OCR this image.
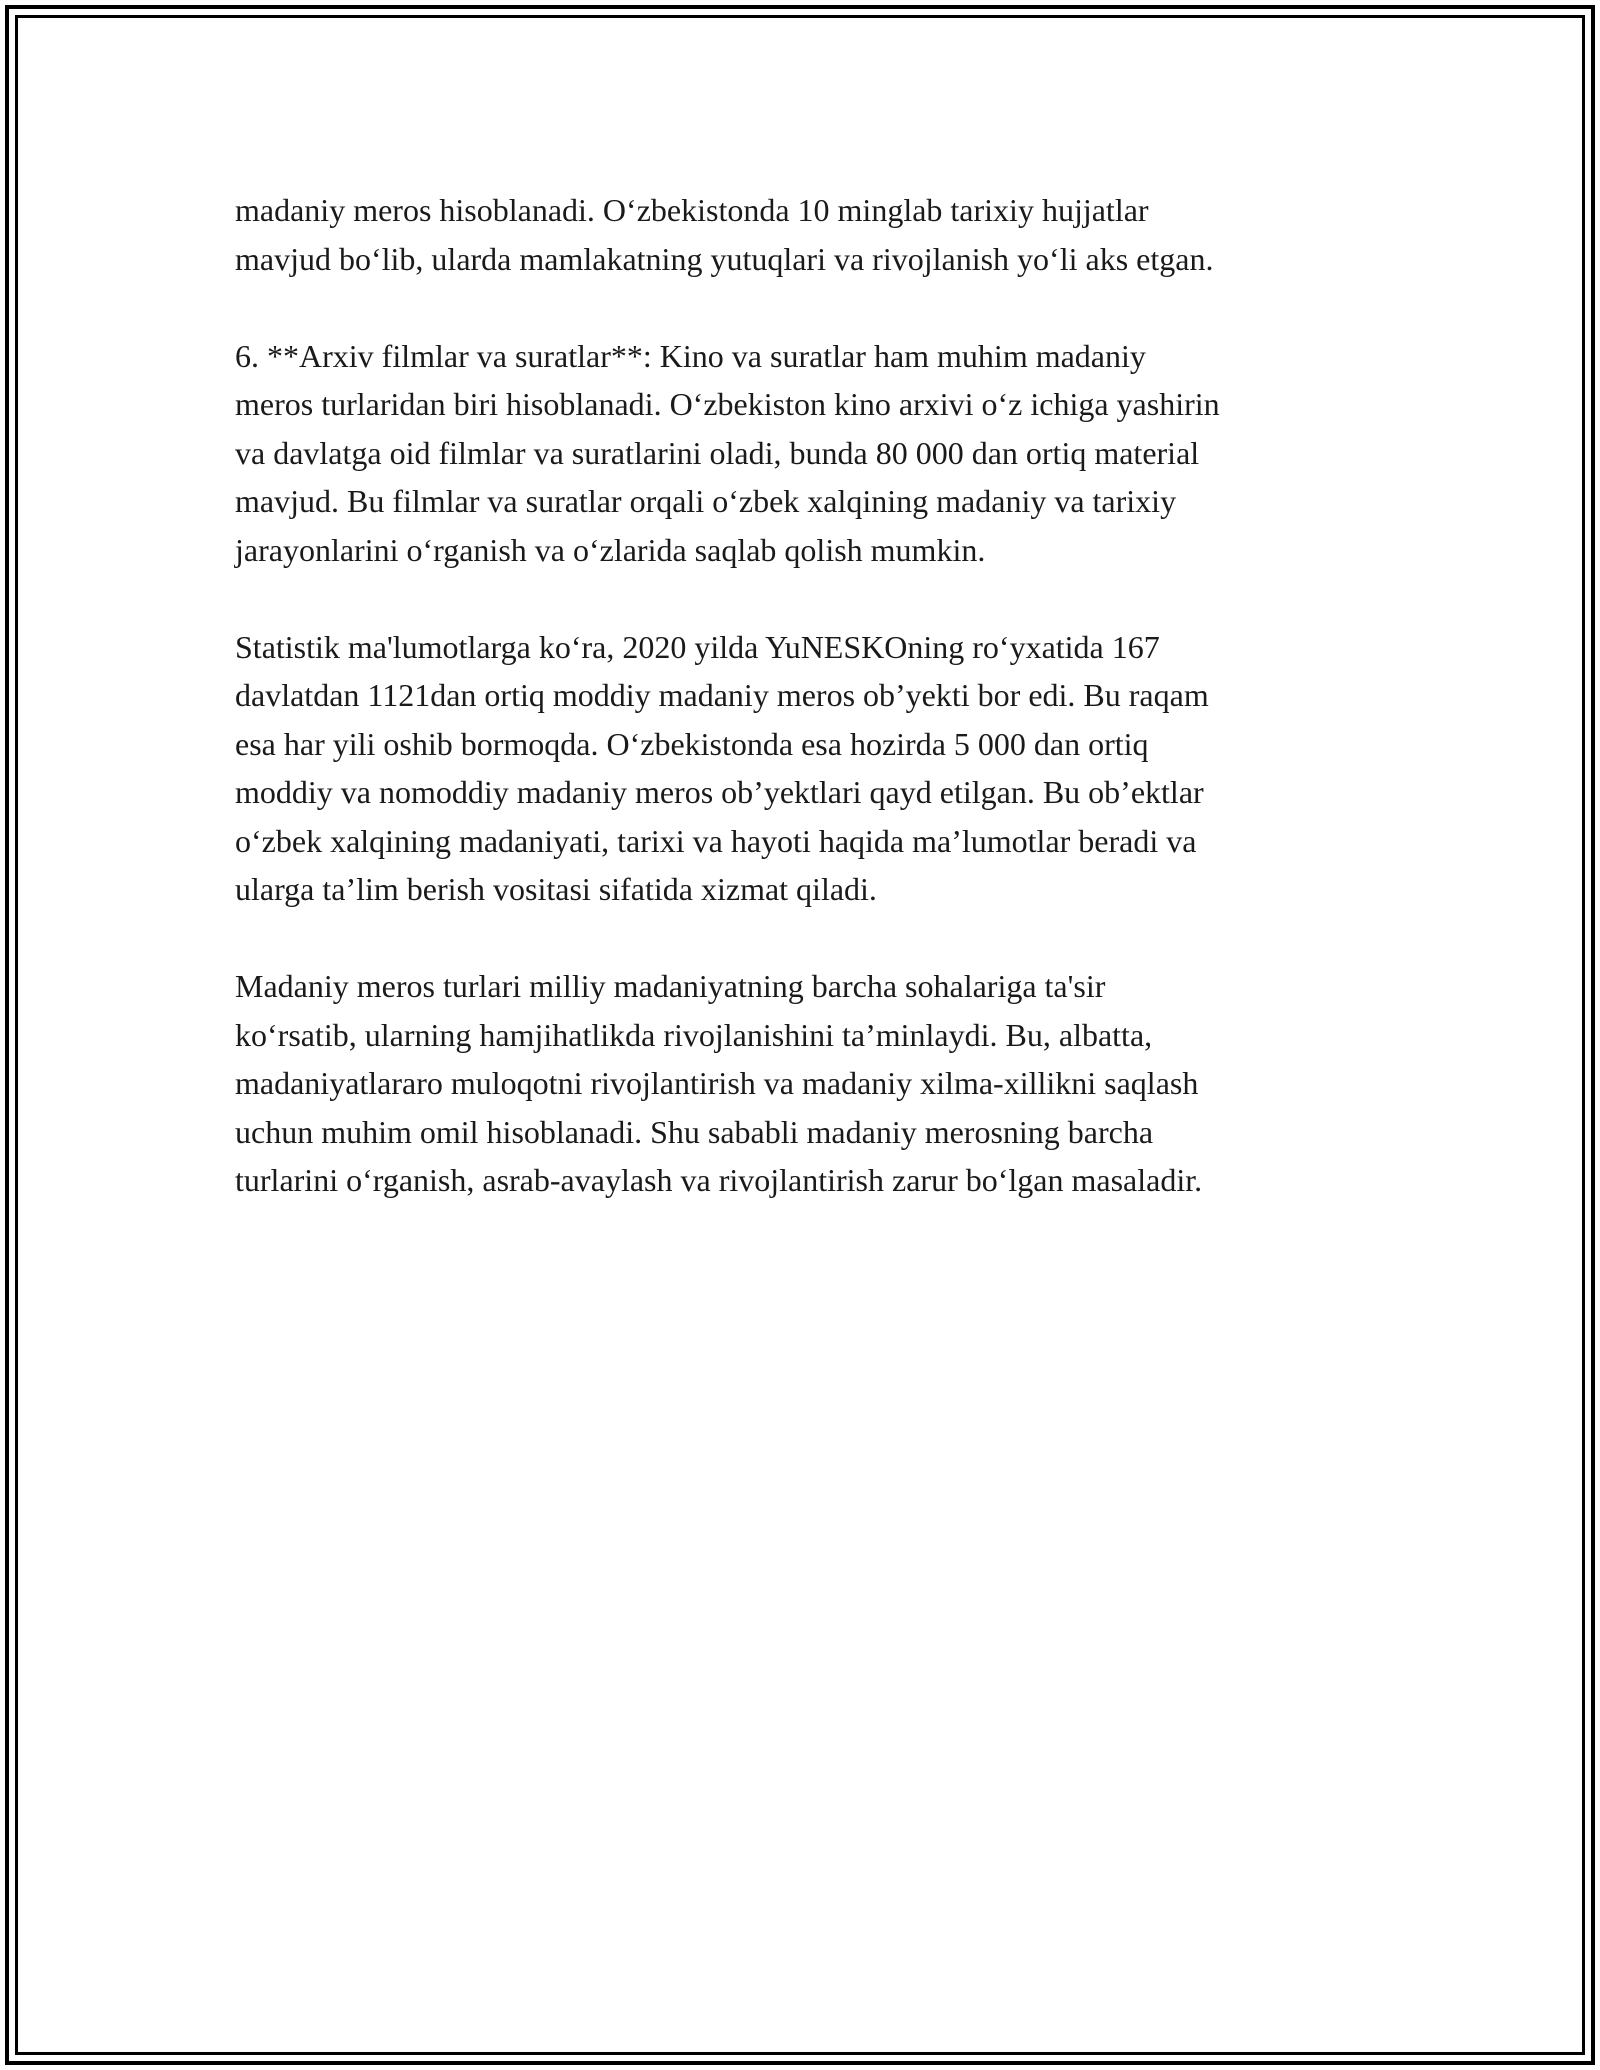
madaniy meros hisoblanadi. O‘zbekistonda 10 minglab tarixiy hujjatlar
mavjud bo‘lib, ularda mamlakatning yutuqlari va rivojlanish yo‘li aks etgan.

6. **Arxiv filmlar va suratlar**: Kino va suratlar ham muhim madaniy
meros turlaridan biri hisoblanadi. O‘zbekiston kino arxivi o‘z ichiga yashirin
va davlatga oid filmlar va suratlarini oladi, bunda 80 000 dan ortiq material
mavjud. Bu filmlar va suratlar orqali o‘zbek xalqining madaniy va tarixiy
jarayonlarini o‘rganish va o‘zlarida saqlab qolish mumkin.

Statistik ma'lumotlarga ko‘ra, 2020 yilda YuNESKOning ro‘yxatida 167
davlatdan 1121dan ortiq moddiy madaniy meros ob’yekti bor edi. Bu raqam
esa har yili oshib bormoqda. O‘zbekistonda esa hozirda 5 000 dan ortiq
moddiy va nomoddiy madaniy meros ob’yektlari qayd etilgan. Bu ob’ektlar
o‘zbek xalqining madaniyati, tarixi va hayoti haqida ma’lumotlar beradi va
ularga ta’lim berish vositasi sifatida xizmat qiladi.

Madaniy meros turlari milliy madaniyatning barcha sohalariga ta'sir
ko‘rsatib, ularning hamjihatlikda rivojlanishini ta’minlaydi. Bu, albatta,
madaniyatlararo muloqotni rivojlantirish va madaniy xilma-xillikni saqlash
uchun muhim omil hisoblanadi. Shu sababli madaniy merosning barcha
turlarini o‘rganish, asrab-avaylash va rivojlantirish zarur bo‘lgan masaladir.
